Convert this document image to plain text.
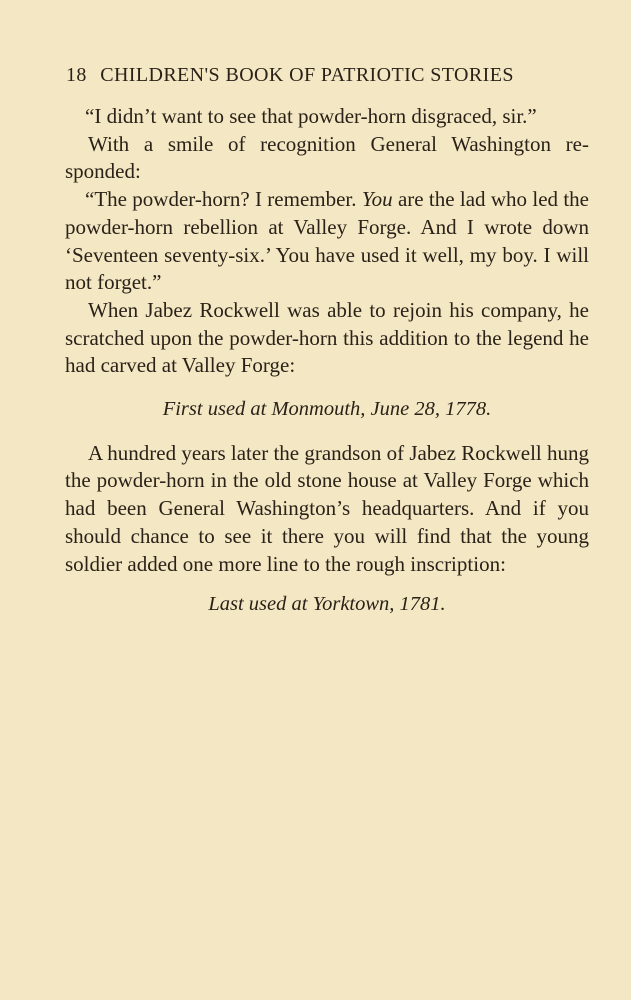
18 CHILDREN'S BOOK OF PATRIOTIC STORIES

“I didn’t want to see that powder-horn disgraced, sir.”

With a smile of recognition General Washington responded:

“The powder-horn? I remember. You are the lad who led the powder-horn rebellion at Valley Forge. And I wrote down ‘Seventeen seventy-six.’ You have used it well, my boy. I will not forget.”

When Jabez Rockwell was able to rejoin his company, he scratched upon the powder-horn this addition to the legend he had carved at Valley Forge:

First used at Monmouth, June 28, 1778.

A hundred years later the grandson of Jabez Rockwell hung the powder-horn in the old stone house at Valley Forge which had been General Washington’s headquarters. And if you should chance to see it there you will find that the young soldier added one more line to the rough inscription:

Last used at Yorktown, 1781.
